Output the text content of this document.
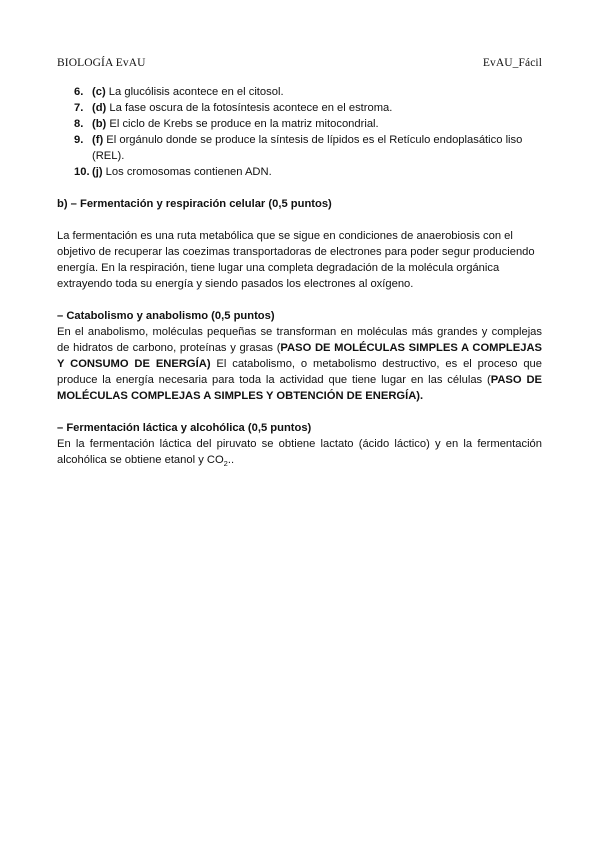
BIOLOGÍA EvAU	EvAU_Fácil
6. (c) La glucólisis acontece en el citosol.
7. (d) La fase oscura de la fotosíntesis acontece en el estroma.
8. (b) El ciclo de Krebs se produce en la matriz mitocondrial.
9. (f) El orgánulo donde se produce la síntesis de lípidos es el Retículo endoplasático liso (REL).
10. (j) Los cromosomas contienen ADN.
b) – Fermentación y respiración celular (0,5 puntos)

La fermentación es una ruta metabólica que se sigue en condiciones de anaerobiosis con el objetivo de recuperar las coezimas transportadoras de electrones para poder segur produciendo energía. En la respiración, tiene lugar una completa degradación de la molécula orgánica extrayendo toda su energía y siendo pasados los electrones al oxígeno.

– Catabolismo y anabolismo (0,5 puntos)

En el anabolismo, moléculas pequeñas se transforman en moléculas más grandes y complejas de hidratos de carbono, proteínas y grasas (PASO DE MOLÉCULAS SIMPLES A COMPLEJAS Y CONSUMO DE ENERGÍA) El catabolismo, o metabolismo destructivo, es el proceso que produce la energía necesaria para toda la actividad que tiene lugar en las células (PASO DE MOLÉCULAS COMPLEJAS A SIMPLES Y OBTENCIÓN DE ENERGÍA).

– Fermentación láctica y alcohólica (0,5 puntos)

En la fermentación láctica del piruvato se obtiene lactato (ácido láctico) y en la fermentación alcohólica se obtiene etanol y $CO_2$..
